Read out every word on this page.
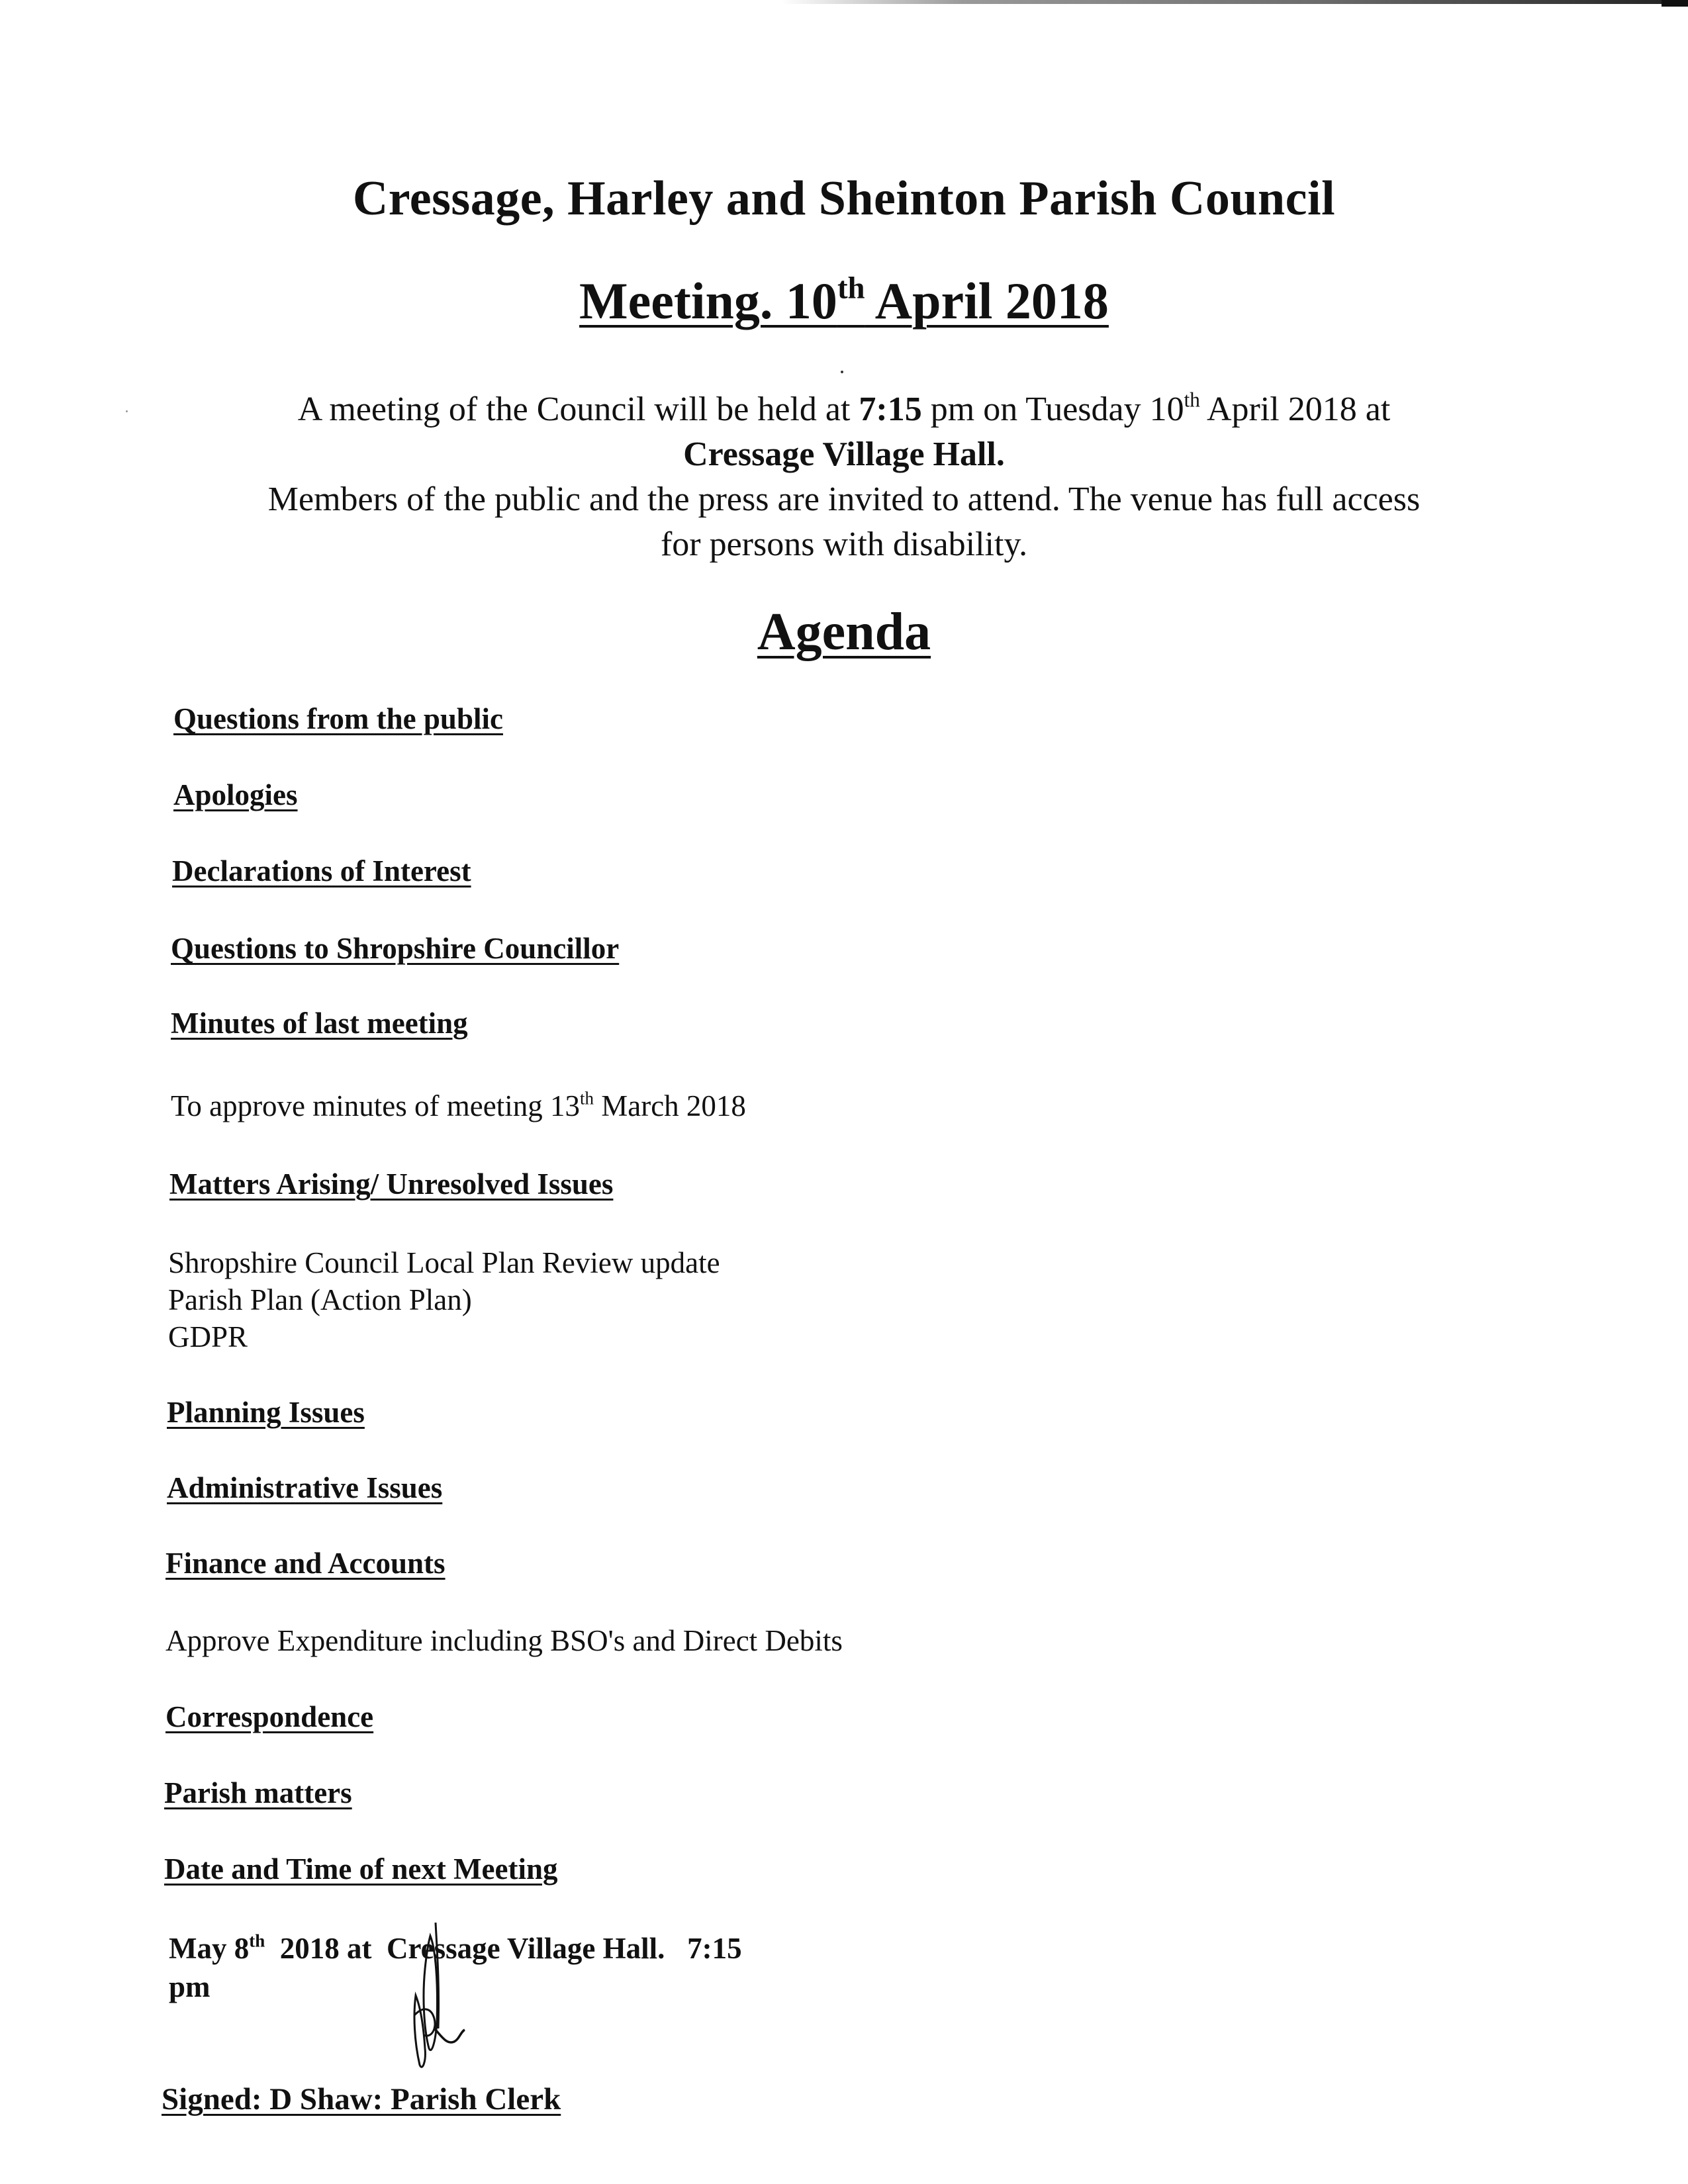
Cressage, Harley and Sheinton Parish Council
Meeting. 10th April 2018
A meeting of the Council will be held at 7:15 pm on Tuesday 10th April 2018 at
Cressage Village Hall.
Members of the public and the press are invited to attend. The venue has full access
for persons with disability.
Agenda
Questions from the public
Apologies
Declarations of Interest
Questions to Shropshire Councillor
Minutes of last meeting
To approve minutes of meeting 13th March 2018
Matters Arising/ Unresolved Issues
Shropshire Council Local Plan Review update
Parish Plan (Action Plan)
GDPR
Planning Issues
Administrative Issues
Finance and Accounts
Approve Expenditure including BSO's and Direct Debits
Correspondence
Parish matters
Date and Time of next Meeting
May 8th  2018 at  Cressage Village Hall.   7:15
pm
Signed: D Shaw: Parish Clerk
